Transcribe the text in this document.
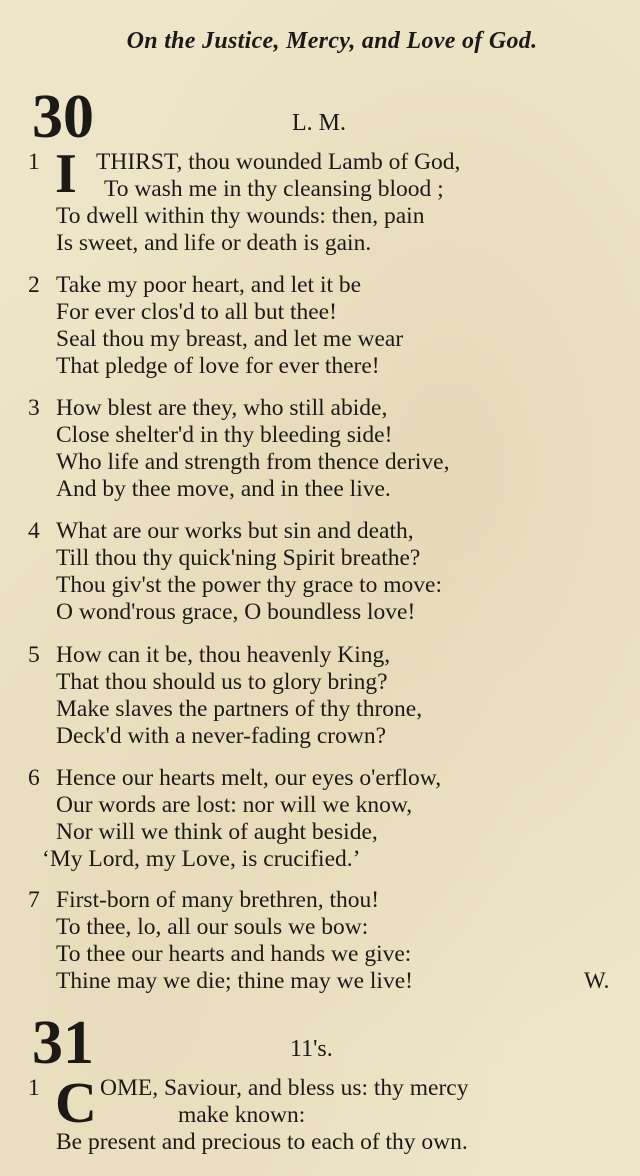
On the Justice, Mercy, and Love of God.
30	L. M.
I
1 THIRST, thou wounded Lamb of God,
To wash me in thy cleansing blood ;
To dwell within thy wounds: then, pain
Is sweet, and life or death is gain.
2 Take my poor heart, and let it be
For ever clos'd to all but thee!
Seal thou my breast, and let me wear
That pledge of love for ever there!
3 How blest are they, who still abide,
Close shelter'd in thy bleeding side!
Who life and strength from thence derive,
And by thee move, and in thee live.
4 What are our works but sin and death,
Till thou thy quick'ning Spirit breathe?
Thou giv'st the power thy grace to move:
O wond'rous grace, O boundless love!
5 How can it be, thou heavenly King,
That thou should us to glory bring?
Make slaves the partners of thy throne,
Deck'd with a never-fading crown?
6 Hence our hearts melt, our eyes o'erflow,
Our words are lost: nor will we know,
Nor will we think of aught beside,
‘My Lord, my Love, is crucified.’
7 First-born of many brethren, thou!
To thee, lo, all our souls we bow:
To thee our hearts and hands we give:
Thine may we die; thine may we live!	W.
31	11's.
C
1	OME, Saviour, and bless us: thy mercy
make known:
Be present and precious to each of thy own.
